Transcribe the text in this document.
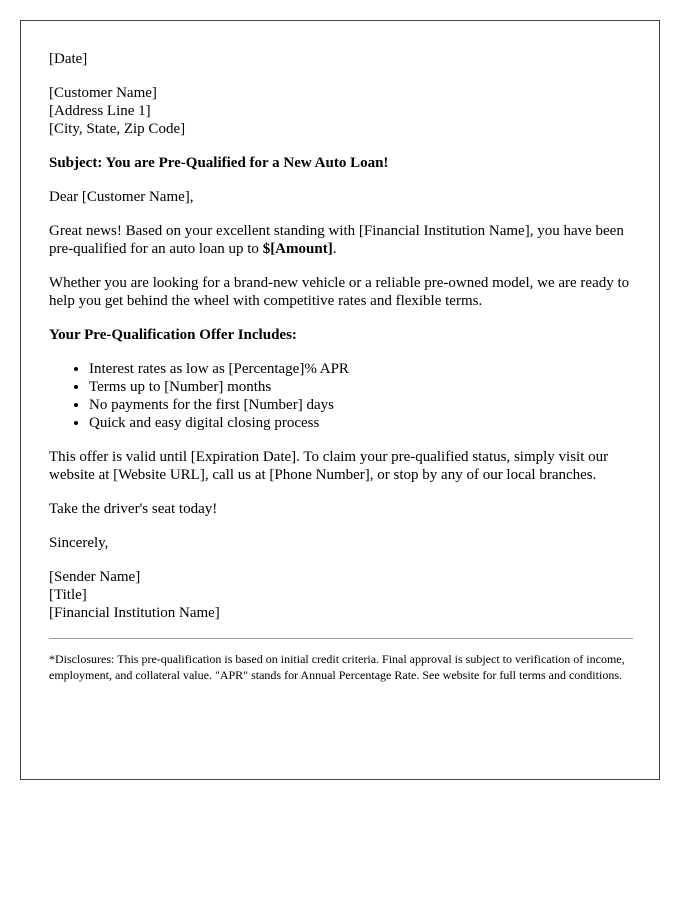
[Date]

[Customer Name]

[Address Line 1]

[City, State, Zip Code]

Subject: You are Pre-Qualified for a New Auto Loan!

Dear [Customer Name],

Great news! Based on your excellent standing with [Financial Institution Name], you have been pre-qualified for an auto loan up to $[Amount].

Whether you are looking for a brand-new vehicle or a reliable pre-owned model, we are ready to help you get behind the wheel with competitive rates and flexible terms.

Your Pre-Qualification Offer Includes:

• Interest rates as low as [Percentage]% APR
• Terms up to [Number] months
• No payments for the first [Number] days
• Quick and easy digital closing process

This offer is valid until [Expiration Date]. To claim your pre-qualified status, simply visit our website at [Website URL], call us at [Phone Number], or stop by any of our local branches.

Take the driver's seat today!

Sincerely,

[Sender Name]

[Title]

[Financial Institution Name]

*Disclosures: This pre-qualification is based on initial credit criteria. Final approval is subject to verification of income, employment, and collateral value. "APR" stands for Annual Percentage Rate. See website for full terms and conditions.
